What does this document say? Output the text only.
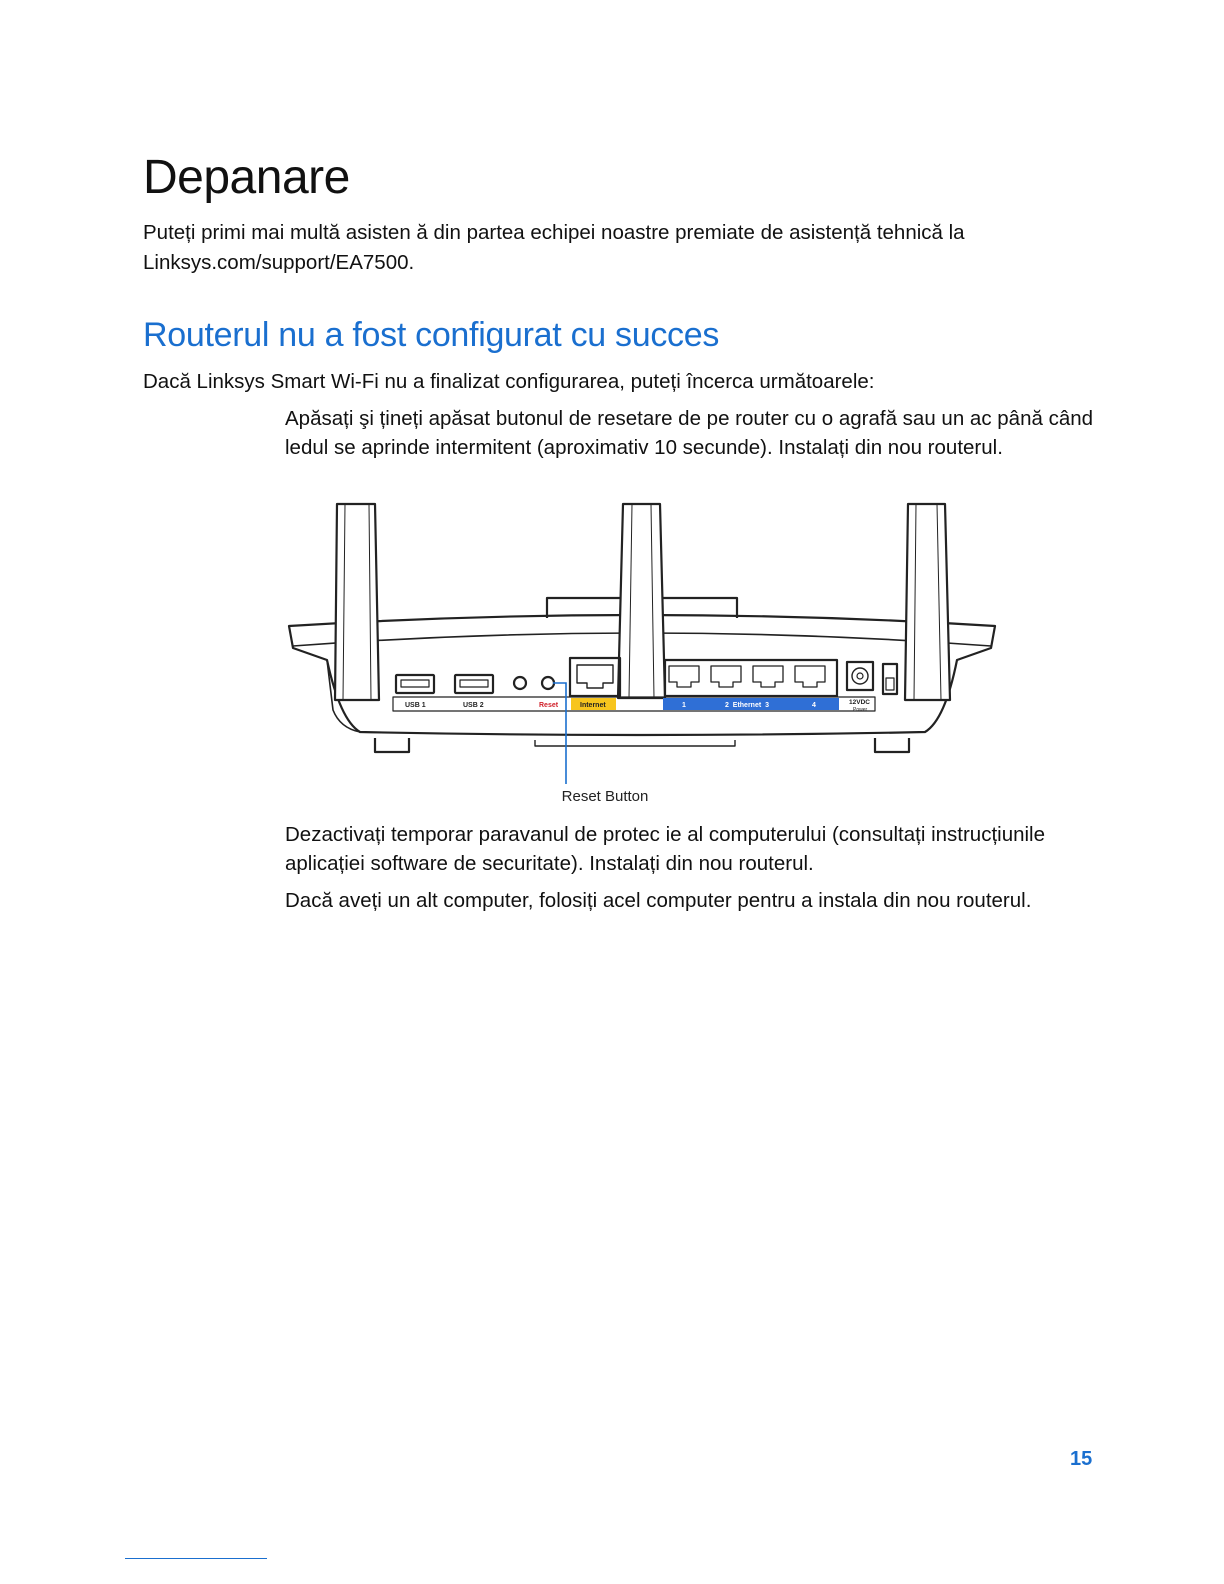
Depanare

Puteți primi mai multă asisten ă din partea echipei noastre premiate de asistență tehnică la Linksys.com/support/EA7500.

Routerul nu a fost configurat cu succes

Dacă Linksys Smart Wi-Fi nu a finalizat configurarea, puteți încerca următoarele:

Apăsați şi țineți apăsat butonul de resetare de pe router cu o agrafă sau un ac până când ledul se aprinde intermitent (aproximativ 10 secunde). Instalați din nou routerul.

USB 1	USB 2	Reset	Internet	1	2  Ethernet  3	4	12VDC
Power
Reset Button

Dezactivați temporar paravanul de protec ie al computerului (consultați instrucțiunile aplicației software de securitate). Instalați din nou routerul.

Dacă aveți un alt computer, folosiți acel computer pentru a instala din nou routerul.

15
